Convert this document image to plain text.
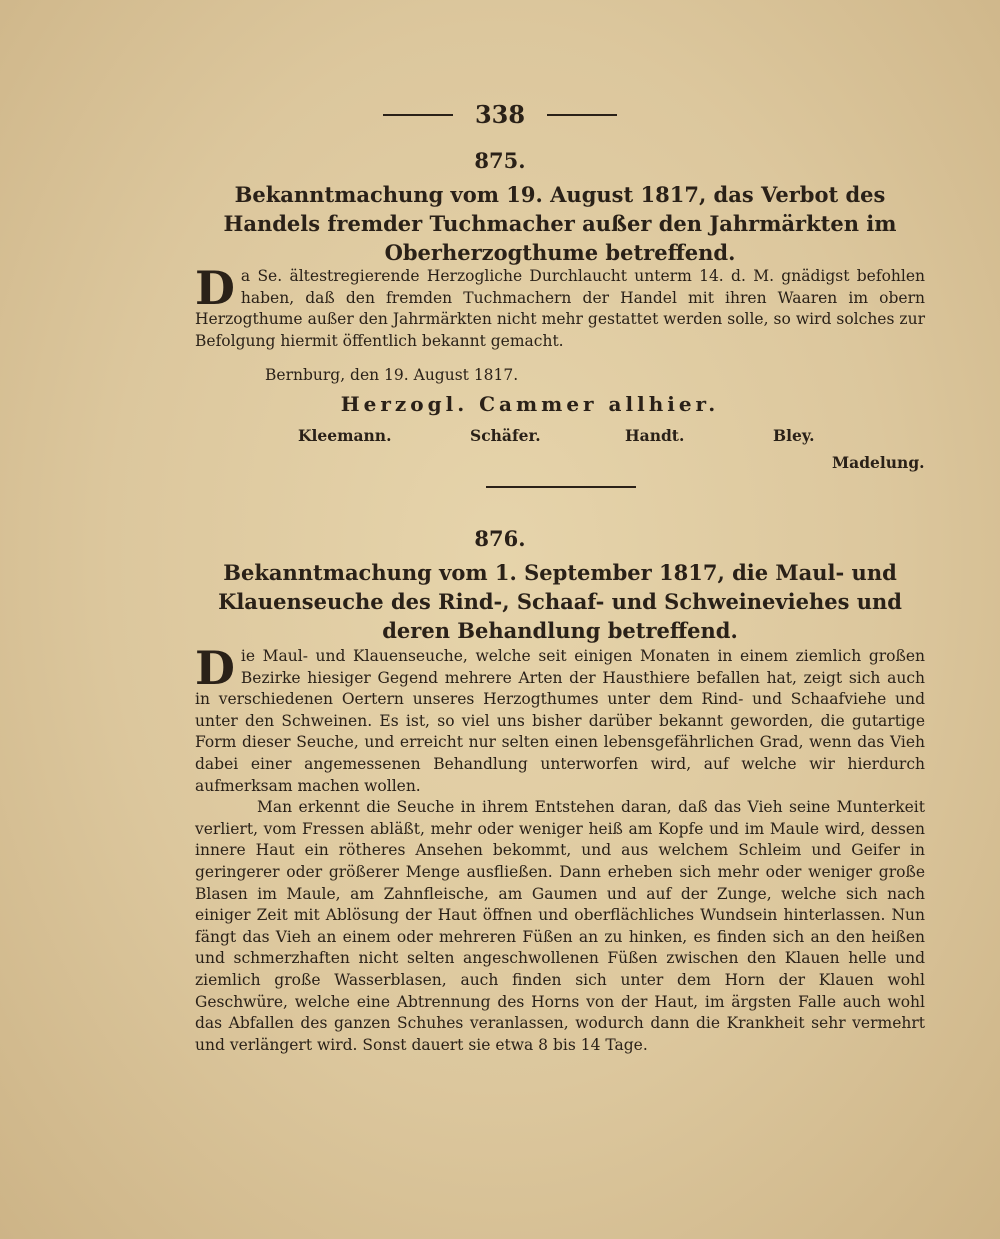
338
875.
Bekanntmachung vom 19. August 1817, das Verbot des Handels fremder Tuchmacher außer den Jahrmärkten im Oberherzogthume betreffend.

D a Se. ältestregierende Herzogliche Durchlaucht unterm 14. d. M. gnädigst befohlen haben, daß den fremden Tuchmachern der Handel mit ihren Waaren im obern Herzogthume außer den Jahrmärkten nicht mehr gestattet werden solle, so wird solches zur Befolgung hiermit öffentlich bekannt gemacht.

Bernburg, den 19. August 1817.
Herzogl. Cammer allhier.
Kleemann.	Schäfer.	Handt.	Bley.
Madelung.
876.
Bekanntmachung vom 1. September 1817, die Maul- und Klauenseuche des Rind-, Schaaf- und Schweineviehes und deren Behandlung betreffend.

D ie Maul- und Klauenseuche, welche seit einigen Monaten in einem ziemlich großen Bezirke hiesiger Gegend mehrere Arten der Hausthiere befallen hat, zeigt sich auch in verschiedenen Oertern unseres Herzogthumes unter dem Rind- und Schaafviehe und unter den Schweinen. Es ist, so viel uns bisher darüber bekannt geworden, die gutartige Form dieser Seuche, und erreicht nur selten einen lebensgefährlichen Grad, wenn das Vieh dabei einer angemessenen Behandlung unterworfen wird, auf welche wir hierdurch aufmerksam machen wollen.

Man erkennt die Seuche in ihrem Entstehen daran, daß das Vieh seine Munterkeit verliert, vom Fressen abläßt, mehr oder weniger heiß am Kopfe und im Maule wird, dessen innere Haut ein rötheres Ansehen bekommt, und aus welchem Schleim und Geifer in geringerer oder größerer Menge ausfließen. Dann erheben sich mehr oder weniger große Blasen im Maule, am Zahnfleische, am Gaumen und auf der Zunge, welche sich nach einiger Zeit mit Ablösung der Haut öffnen und oberflächliches Wundsein hinterlassen. Nun fängt das Vieh an einem oder mehreren Füßen an zu hinken, es finden sich an den heißen und schmerzhaften nicht selten angeschwollenen Füßen zwischen den Klauen helle und ziemlich große Wasserblasen, auch finden sich unter dem Horn der Klauen wohl Geschwüre, welche eine Abtrennung des Horns von der Haut, im ärgsten Falle auch wohl das Abfallen des ganzen Schuhes veranlassen, wodurch dann die Krankheit sehr vermehrt und verlängert wird. Sonst dauert sie etwa 8 bis 14 Tage.
